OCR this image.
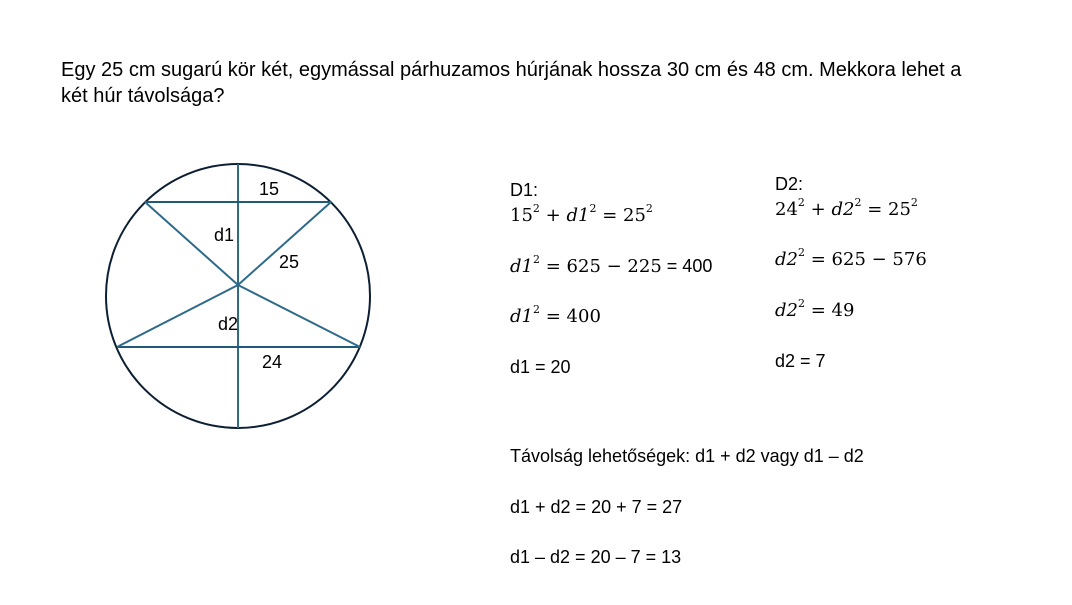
Egy 25 cm sugarú kör két, egymással párhuzamos húrjának hossza 30 cm és 48 cm. Mekkora lehet a
két húr távolsága?
15
d1
25
d2
24
D1:
$15^2 + d1^2 = 25^2$
$d1^2 = 625 - 225 = 400$
$d1^2 = 400$
d1 = 20
D2:
$24^2 + d2^2 = 25^2$
$d2^2 = 625 - 576$
$d2^2 = 49$
d2 = 7
Távolság lehetőségek: d1 + d2 vagy d1 – d2
d1 + d2 = 20 + 7 = 27
d1 – d2 = 20 – 7 = 13
